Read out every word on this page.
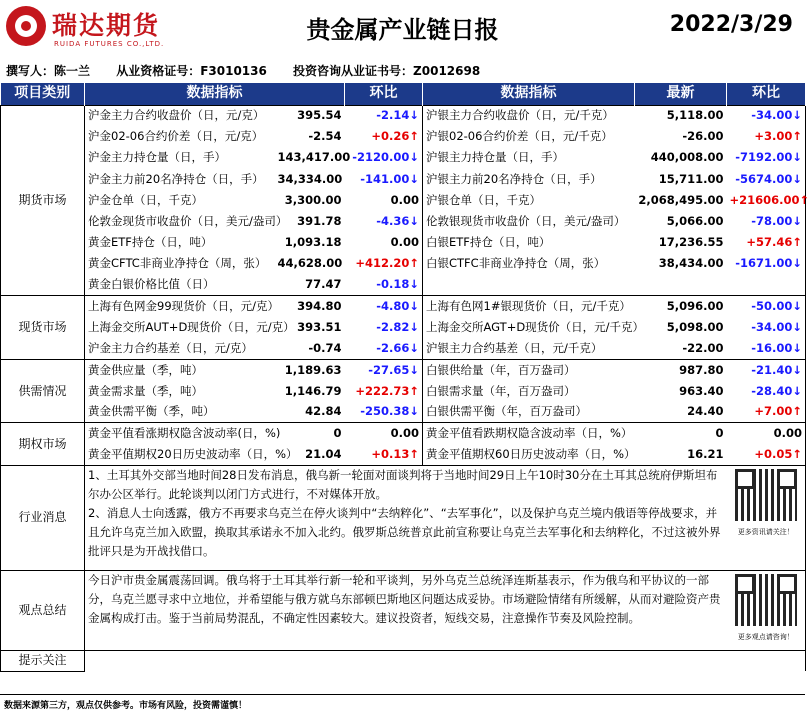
瑞达期货
RUIDA FUTURES CO.,LTD.	贵金属产业链日报	2022/3/29
撰写人：陈一兰 从业资格证号：F3010136 投资咨询从业证书号：Z0012698
项目类别	数据指标		环比	数据指标	最新	环比
期货市场	沪金主力合约收盘价（日，元/克）	395.54	-2.14↓	沪银主力合约收盘价（日，元/千克）	5,118.00	-34.00↓
	沪金02-06合约价差（日，元/克）	-2.54	+0.26↑	沪银02-06合约价差（日，元/千克）	-26.00	+3.00↑
	沪金主力持仓量（日，手）	143,417.00	-2120.00↓	沪银主力持仓量（日，手）	440,008.00	-7192.00↓
	沪金主力前20名净持仓（日，手）	34,334.00	-141.00↓	沪银主力前20名净持仓（日，手）	15,711.00	-5674.00↓
	沪金仓单（日，千克）	3,300.00	0.00	沪银仓单（日，千克）	2,068,495.00	+21606.00↑
	伦敦金现货市收盘价（日，美元/盎司）	391.78	-4.36↓	伦敦银现货市收盘价（日，美元/盎司）	5,066.00	-78.00↓
	黄金ETF持仓（日，吨）	1,093.18	0.00	白银ETF持仓（日，吨）	17,236.55	+57.46↑
	黄金CFTC非商业净持仓（周，张）	44,628.00	+412.20↑	白银CTFC非商业净持仓（周，张）	38,434.00	-1671.00↓
	黄金白银价格比值（日）	77.47	-0.18↓			
现货市场	上海有色网金99现货价（日，元/克）	394.80	-4.80↓	上海有色网1#银现货价（日，元/千克）	5,096.00	-50.00↓
	上海金交所AUT+D现货价（日，元/克）	393.51	-2.82↓	上海金交所AGT+D现货价（日，元/千克）	5,098.00	-34.00↓
	沪金主力合约基差（日，元/克）	-0.74	-2.66↓	沪银主力合约基差（日，元/千克）	-22.00	-16.00↓
供需情况	黄金供应量（季，吨）	1,189.63	-27.65↓	白银供给量（年，百万盎司）	987.80	-21.40↓
	黄金需求量（季，吨）	1,146.79	+222.73↑	白银需求量（年，百万盎司）	963.40	-28.40↓
	黄金供需平衡（季，吨）	42.84	-250.38↓	白银供需平衡（年，百万盎司）	24.40	+7.00↑
期权市场	黄金平值看涨期权隐含波动率(日，%)	0	0.00	黄金平值看跌期权隐含波动率（日，%）	0	0.00
	黄金平值期权20日历史波动率（日，%）	21.04	+0.13↑	黄金平值期权60日历史波动率（日，%）	16.21	+0.05↑
行业消息	1、土耳其外交部当地时间28日发布消息，俄乌新一轮面对面谈判将于当地时间29日上午10时30分在土耳其总统府伊斯坦布尔办公区举行。此轮谈判以闭门方式进行，不对媒体开放。
2、消息人士向透露，俄方不再要求乌克兰在停火谈判中“去纳粹化”、“去军事化”，以及保护乌克兰境内俄语等停战要求，并且允许乌克兰加入欧盟，换取其承诺永不加入北约。俄罗斯总统普京此前宣称要让乌克兰去军事化和去纳粹化，不过这被外界批评只是为开战找借口。					更多资讯请关注！

观点总结	今日沪市贵金属震荡回调。俄乌将于土耳其举行新一轮和平谈判，另外乌克兰总统泽连斯基表示，作为俄乌和平协议的一部分，乌克兰愿寻求中立地位，并希望能与俄方就乌东部顿巴斯地区问题达成妥协。市场避险情绪有所缓解，从而对避险资产贵金属构成打击。鉴于当前局势混乱，不确定性因素较大。建议投资者，短线交易，注意操作节奏及风险控制。					更多观点请咨询！

提示关注						
数据来源第三方，观点仅供参考。市场有风险，投资需谨慎！
